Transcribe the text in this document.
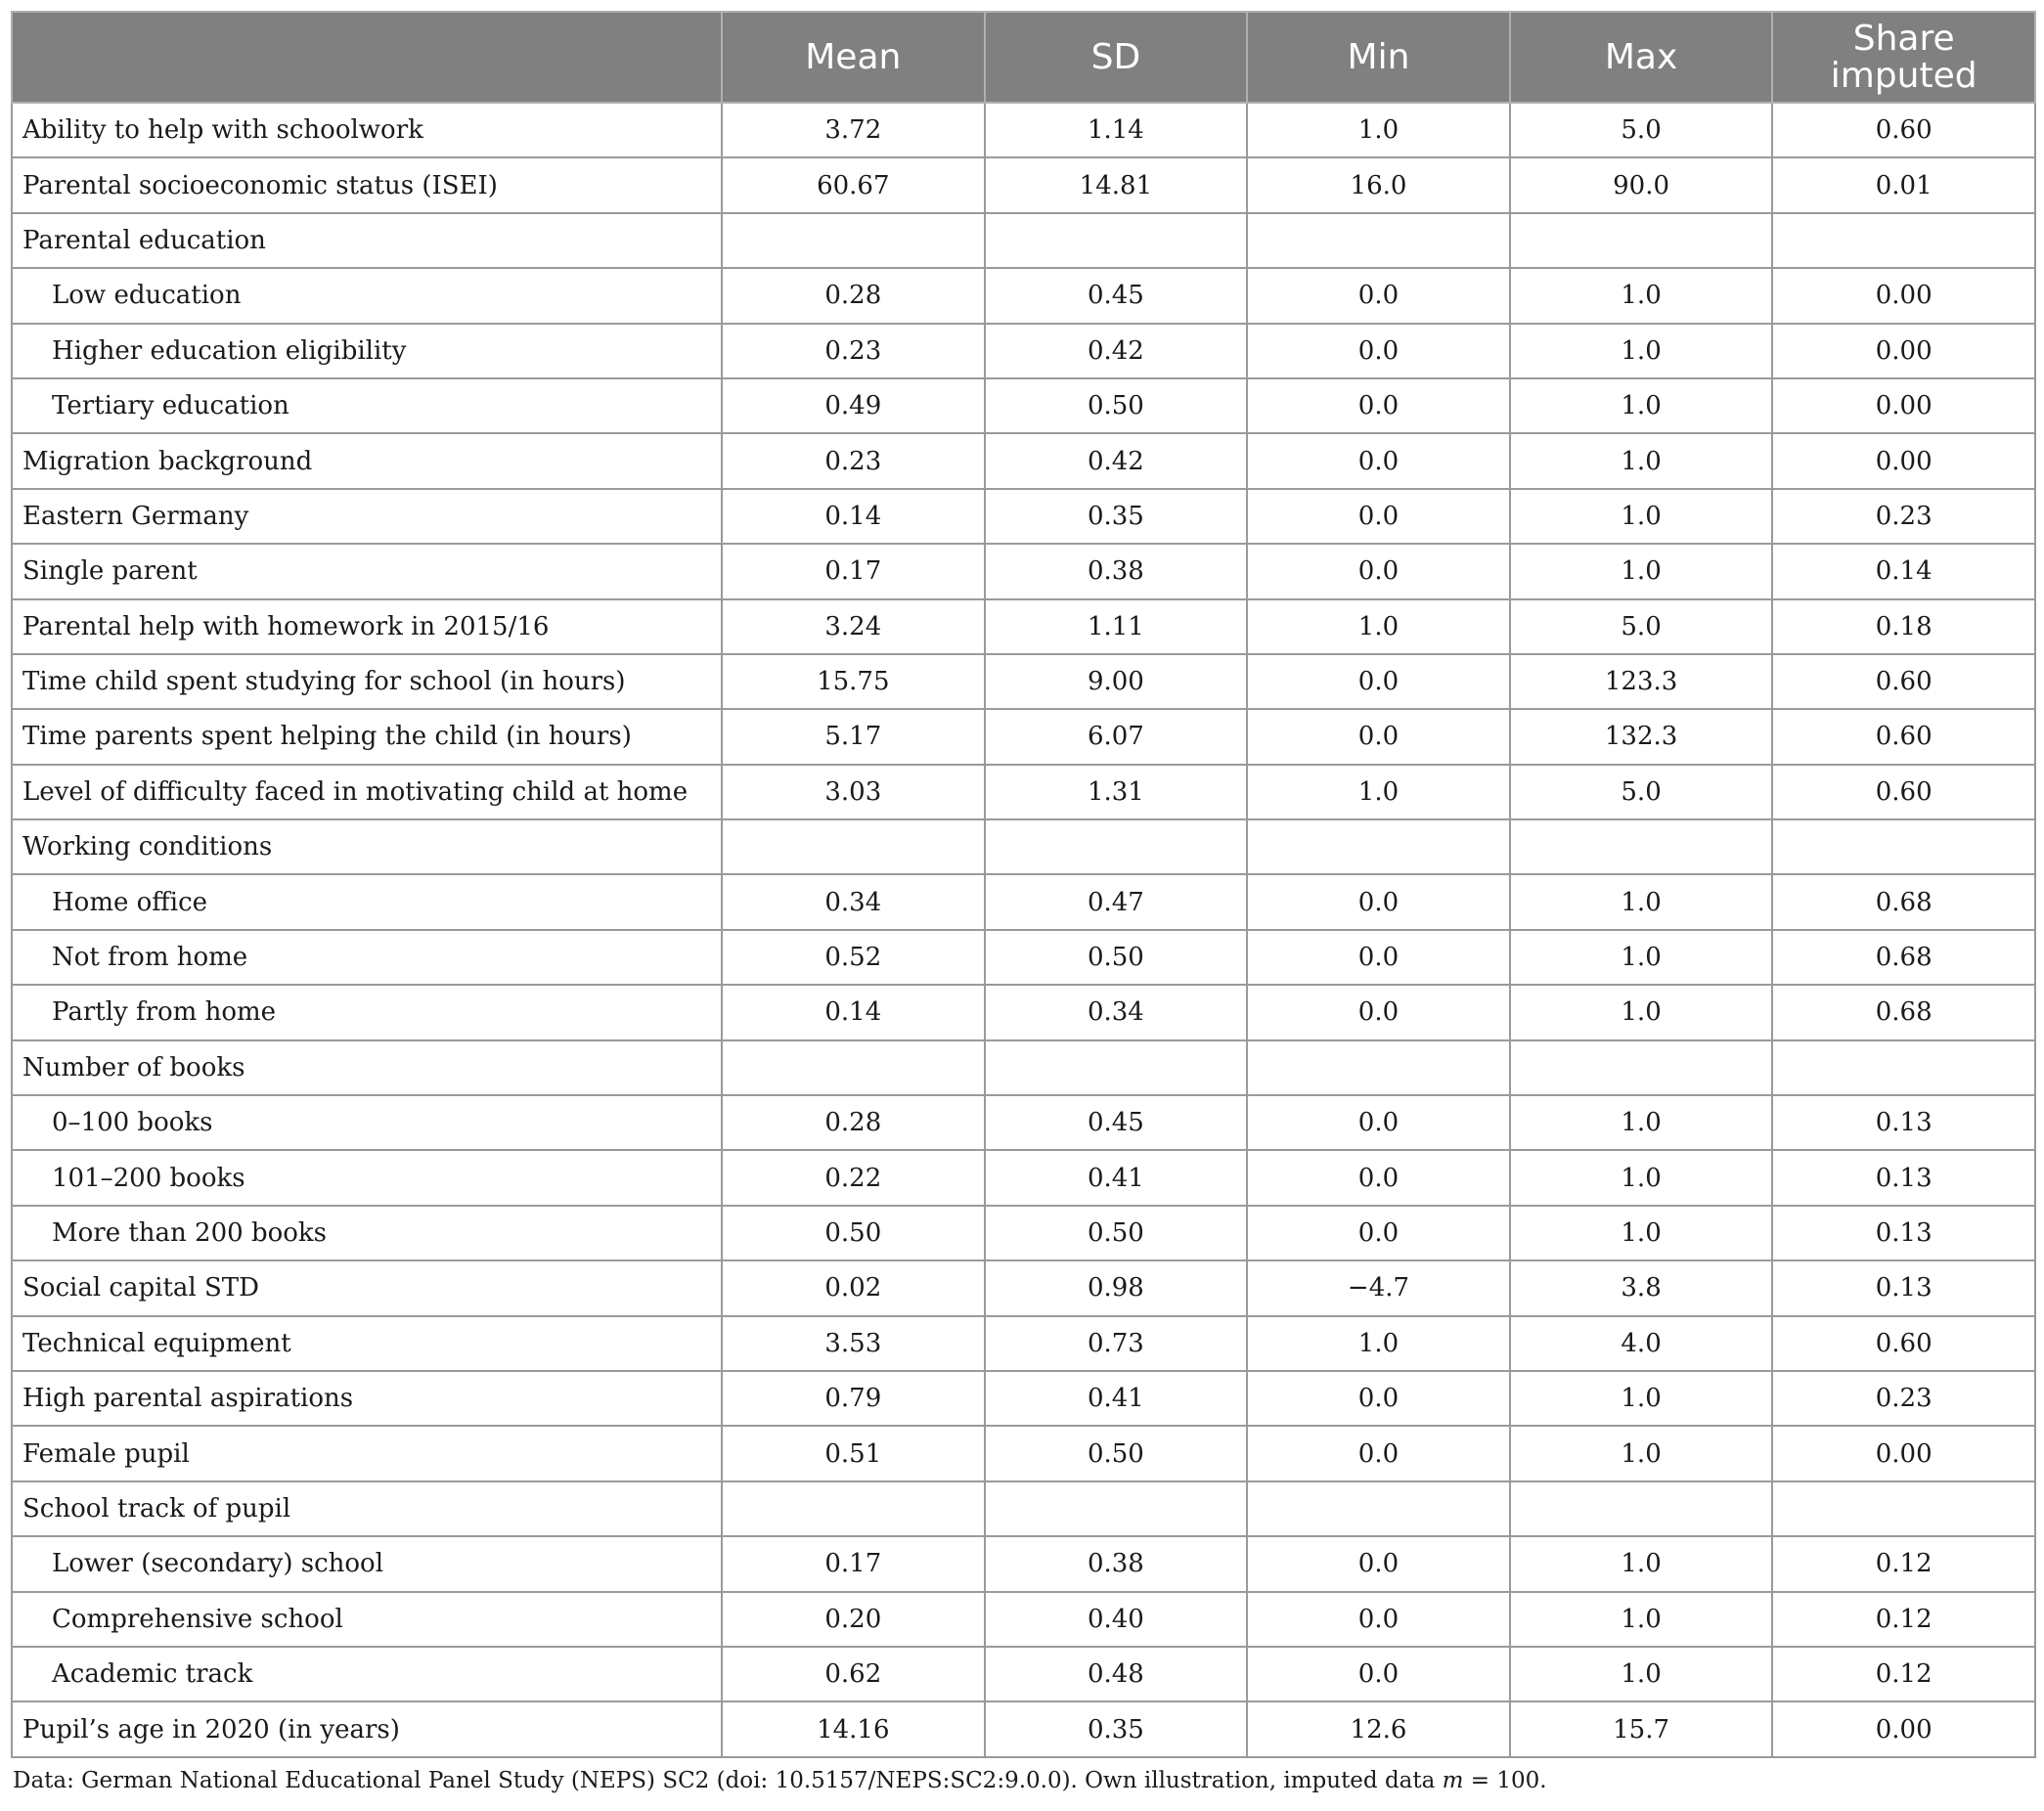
	Mean	SD	Min	Max	Share imputed
Ability to help with schoolwork	3.72	1.14	1.0	5.0	0.60
Parental socioeconomic status (ISEI)	60.67	14.81	16.0	90.0	0.01
Parental education					
Low education	0.28	0.45	0.0	1.0	0.00
Higher education eligibility	0.23	0.42	0.0	1.0	0.00
Tertiary education	0.49	0.50	0.0	1.0	0.00
Migration background	0.23	0.42	0.0	1.0	0.00
Eastern Germany	0.14	0.35	0.0	1.0	0.23
Single parent	0.17	0.38	0.0	1.0	0.14
Parental help with homework in 2015/16	3.24	1.11	1.0	5.0	0.18
Time child spent studying for school (in hours)	15.75	9.00	0.0	123.3	0.60
Time parents spent helping the child (in hours)	5.17	6.07	0.0	132.3	0.60
Level of difficulty faced in motivating child at home	3.03	1.31	1.0	5.0	0.60
Working conditions					
Home office	0.34	0.47	0.0	1.0	0.68
Not from home	0.52	0.50	0.0	1.0	0.68
Partly from home	0.14	0.34	0.0	1.0	0.68
Number of books					
0–100 books	0.28	0.45	0.0	1.0	0.13
101–200 books	0.22	0.41	0.0	1.0	0.13
More than 200 books	0.50	0.50	0.0	1.0	0.13
Social capital STD	0.02	0.98	−4.7	3.8	0.13
Technical equipment	3.53	0.73	1.0	4.0	0.60
High parental aspirations	0.79	0.41	0.0	1.0	0.23
Female pupil	0.51	0.50	0.0	1.0	0.00
School track of pupil					
Lower (secondary) school	0.17	0.38	0.0	1.0	0.12
Comprehensive school	0.20	0.40	0.0	1.0	0.12
Academic track	0.62	0.48	0.0	1.0	0.12
Pupil’s age in 2020 (in years)	14.16	0.35	12.6	15.7	0.00
Data: German National Educational Panel Study (NEPS) SC2 (doi: 10.5157/NEPS:SC2:9.0.0). Own illustration, imputed data m = 100.
